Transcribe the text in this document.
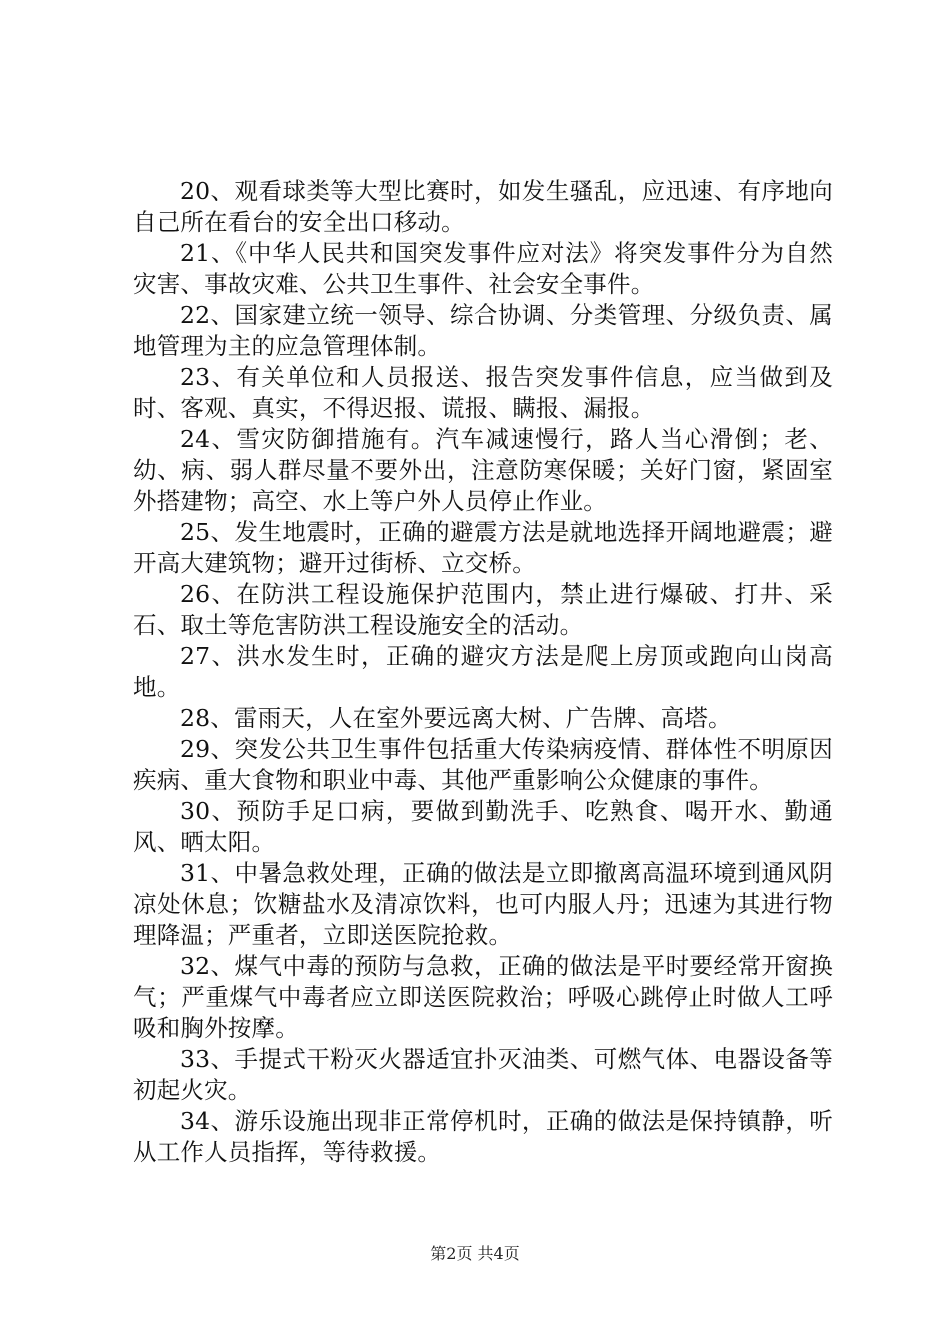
20、观看球类等大型比赛时，如发生骚乱，应迅速、有序地向自己所在看台的安全出口移动。

21、《中华人民共和国突发事件应对法》将突发事件分为自然灾害、事故灾难、公共卫生事件、社会安全事件。

22、国家建立统一领导、综合协调、分类管理、分级负责、属地管理为主的应急管理体制。

23、有关单位和人员报送、报告突发事件信息，应当做到及时、客观、真实，不得迟报、谎报、瞒报、漏报。

24、雪灾防御措施有。汽车减速慢行，路人当心滑倒；老、幼、病、弱人群尽量不要外出，注意防寒保暖；关好门窗，紧固室外搭建物；高空、水上等户外人员停止作业。

25、发生地震时，正确的避震方法是就地选择开阔地避震；避开高大建筑物；避开过街桥、立交桥。

26、在防洪工程设施保护范围内，禁止进行爆破、打井、采石、取土等危害防洪工程设施安全的活动。

27、洪水发生时，正确的避灾方法是爬上房顶或跑向山岗高地。

28、雷雨天，人在室外要远离大树、广告牌、高塔。

29、突发公共卫生事件包括重大传染病疫情、群体性不明原因疾病、重大食物和职业中毒、其他严重影响公众健康的事件。

30、预防手足口病，要做到勤洗手、吃熟食、喝开水、勤通风、晒太阳。

31、中暑急救处理，正确的做法是立即撤离高温环境到通风阴凉处休息；饮糖盐水及清凉饮料，也可内服人丹；迅速为其进行物理降温；严重者，立即送医院抢救。

32、煤气中毒的预防与急救，正确的做法是平时要经常开窗换气；严重煤气中毒者应立即送医院救治；呼吸心跳停止时做人工呼吸和胸外按摩。

33、手提式干粉灭火器适宜扑灭油类、可燃气体、电器设备等初起火灾。

34、游乐设施出现非正常停机时，正确的做法是保持镇静，听从工作人员指挥，等待救援。

第2页 共4页
